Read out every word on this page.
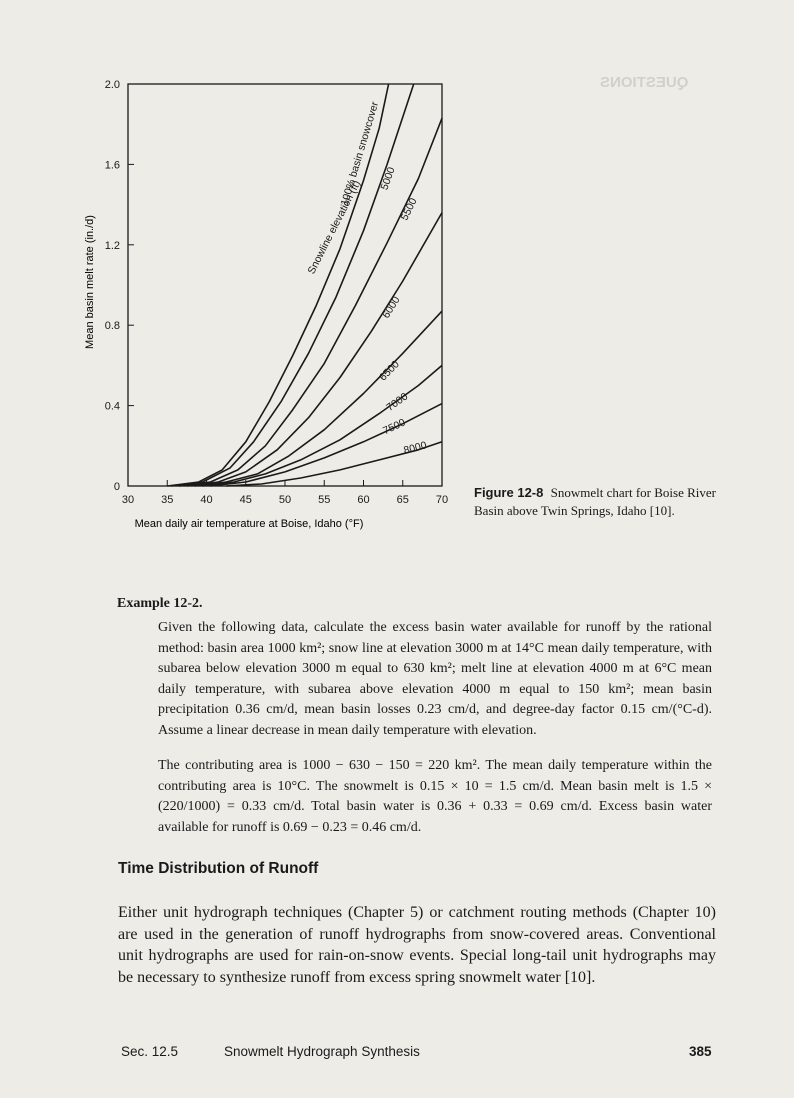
QUESTIONS
100% basin snowcover
Snowline elevation (ft) 5000
5500
6000
6500
7000
7500
8000
30 35 40 45 50 55 60 65 70
0
0.4
0.8
1.2
1.6
2.0
Mean basin melt rate (in./d)
Mean daily air temperature at Boise, Idaho (°F)
Figure 12-8 Snowmelt chart for Boise River Basin above Twin Springs, Idaho [10].
Example 12-2.

Given the following data, calculate the excess basin water available for runoff by the rational method: basin area 1000 km²; snow line at elevation 3000 m at 14°C mean daily temperature, with subarea below elevation 3000 m equal to 630 km²; melt line at elevation 4000 m at 6°C mean daily temperature, with subarea above elevation 4000 m equal to 150 km²; mean basin precipitation 0.36 cm/d, mean basin losses 0.23 cm/d, and degree-day factor 0.15 cm/(°C-d). Assume a linear decrease in mean daily temperature with elevation.

The contributing area is 1000 − 630 − 150 = 220 km². The mean daily temperature within the contributing area is 10°C. The snowmelt is 0.15 × 10 = 1.5 cm/d. Mean basin melt is 1.5 × (220/1000) = 0.33 cm/d. Total basin water is 0.36 + 0.33 = 0.69 cm/d. Excess basin water available for runoff is 0.69 − 0.23 = 0.46 cm/d.

Time Distribution of Runoff

Either unit hydrograph techniques (Chapter 5) or catchment routing methods (Chapter 10) are used in the generation of runoff hydrographs from snow-covered areas. Conventional unit hydrographs are used for rain-on-snow events. Special long-tail unit hydrographs may be necessary to synthesize runoff from excess spring snowmelt water [10].

Sec. 12.5	Snowmelt Hydrograph Synthesis	385
